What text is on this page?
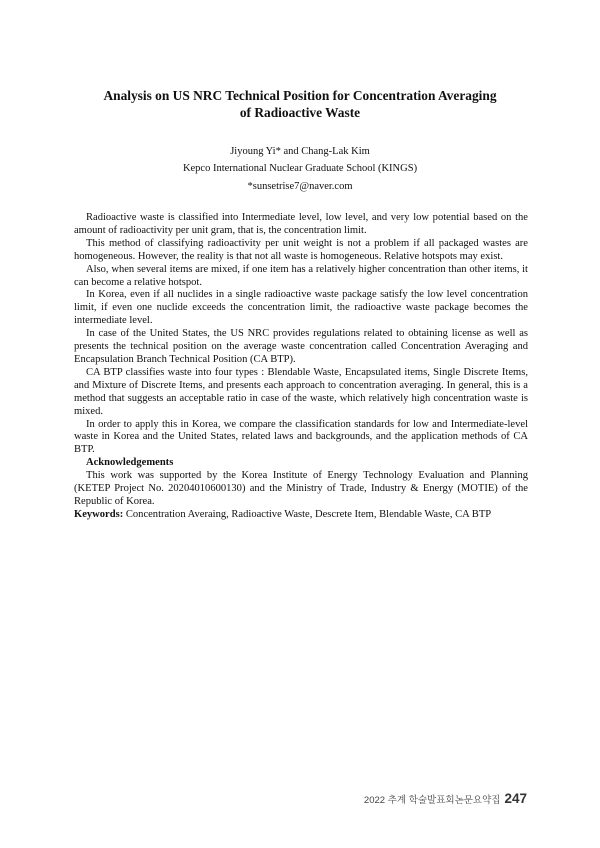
Analysis on US NRC Technical Position for Concentration Averaging
of Radioactive Waste
Jiyoung Yi* and Chang-Lak Kim
Kepco International Nuclear Graduate School (KINGS)
*sunsetrise7@naver.com

Radioactive waste is classified into Intermediate level, low level, and very low potential based on the amount of radioactivity per unit gram, that is, the concentration limit.

This method of classifying radioactivity per unit weight is not a problem if all packaged wastes are homogeneous. However, the reality is that not all waste is homogeneous. Relative hotspots may exist.

Also, when several items are mixed, if one item has a relatively higher concentration than other items, it can become a relative hotspot.

In Korea, even if all nuclides in a single radioactive waste package satisfy the low level concentration limit, if even one nuclide exceeds the concentration limit, the radioactive waste package becomes the intermediate level.

In case of the United States, the US NRC provides regulations related to obtaining license as well as presents the technical position on the average waste concentration called Concentration Averaging and Encapsulation Branch Technical Position (CA BTP).

CA BTP classifies waste into four types : Blendable Waste, Encapsulated items, Single Discrete Items, and Mixture of Discrete Items, and presents each approach to concentration averaging. In general, this is a method that suggests an acceptable ratio in case of the waste, which relatively high concentration waste is mixed.

In order to apply this in Korea, we compare the classification standards for low and Intermediate-level waste in Korea and the United States, related laws and backgrounds, and the application methods of CA BTP.

Acknowledgements

This work was supported by the Korea Institute of Energy Technology Evaluation and Planning (KETEP Project No. 20204010600130) and the Ministry of Trade, Industry & Energy (MOTIE) of the Republic of Korea.

Keywords: Concentration Averaing, Radioactive Waste, Descrete Item, Blendable Waste, CA BTP

2022 추계 학술발표회논문요약집 247
